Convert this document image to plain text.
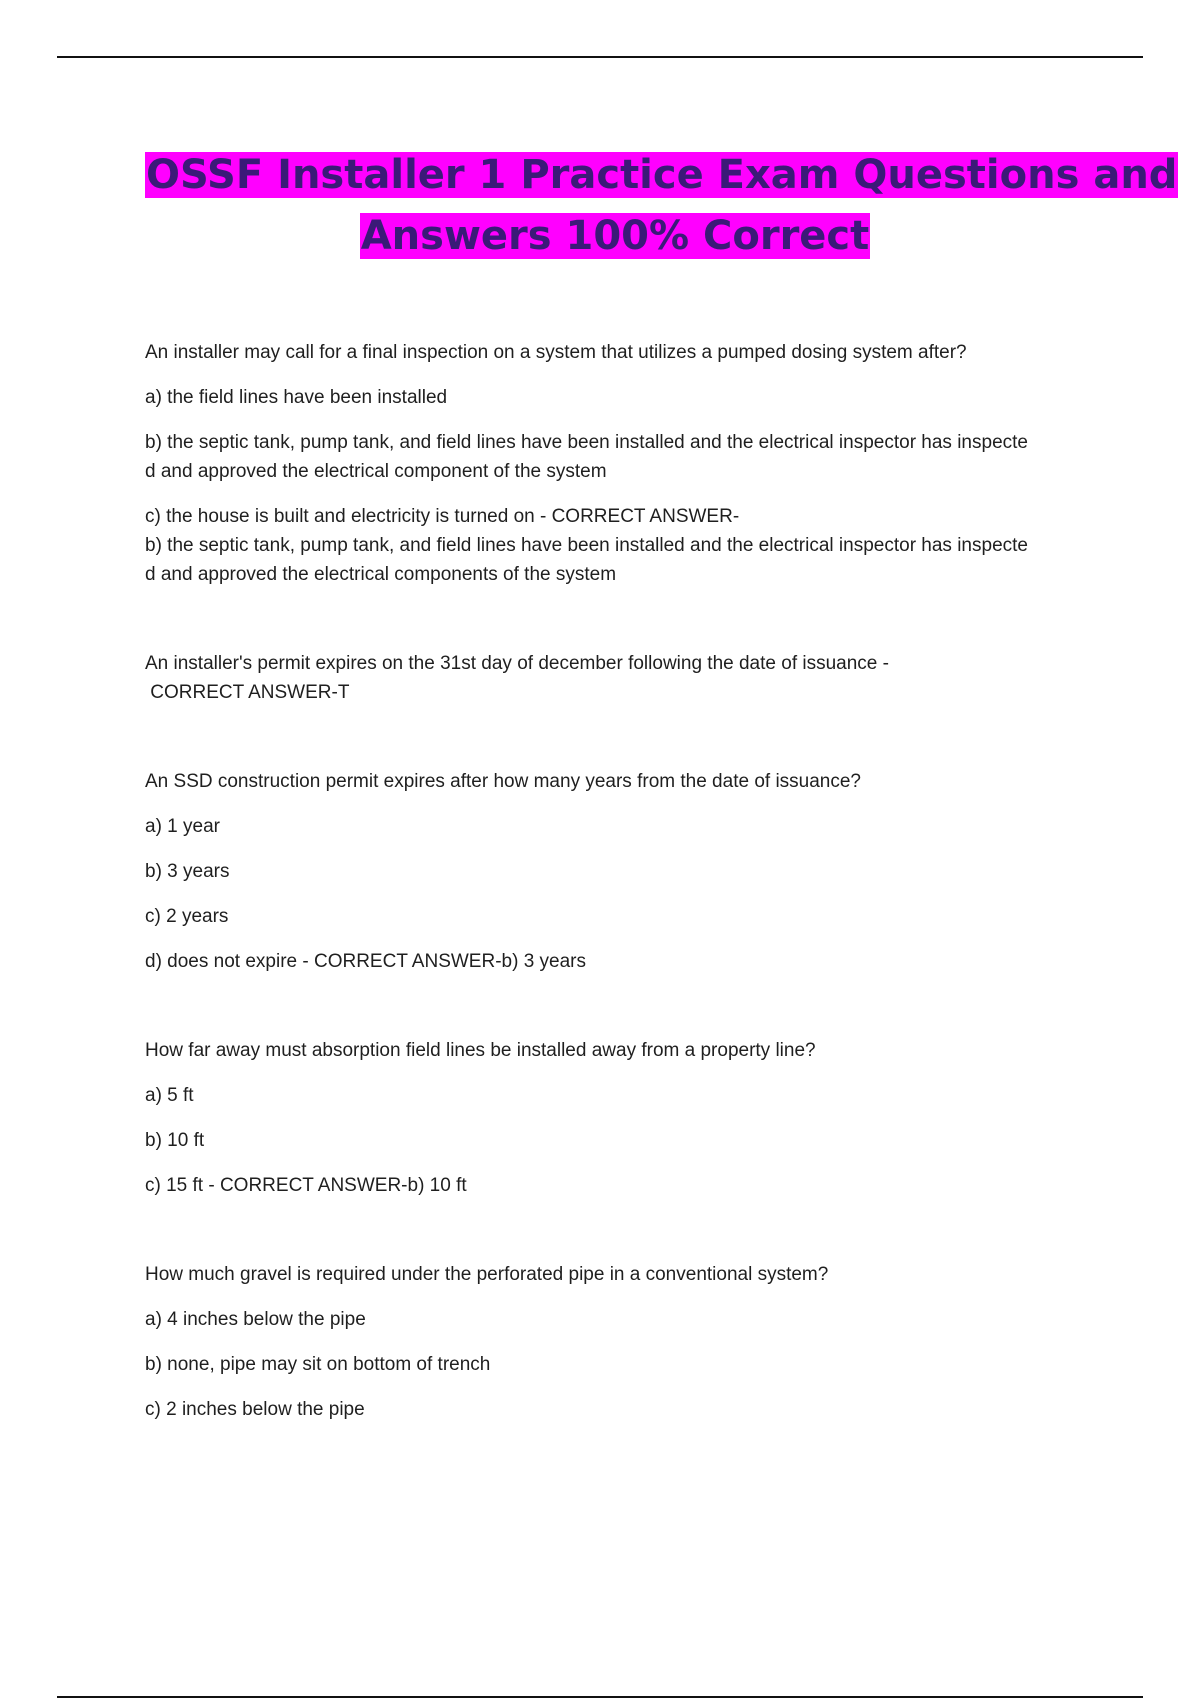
OSSF Installer 1 Practice Exam Questions and
Answers 100% Correct

An installer may call for a final inspection on a system that utilizes a pumped dosing system after?

a) the field lines have been installed

b) the septic tank, pump tank, and field lines have been installed and the electrical inspector has inspecte
d and approved the electrical component of the system

c) the house is built and electricity is turned on - CORRECT ANSWER-

b) the septic tank, pump tank, and field lines have been installed and the electrical inspector has inspecte
d and approved the electrical components of the system

An installer's permit expires on the 31st day of december following the date of issuance -

CORRECT ANSWER-T

An SSD construction permit expires after how many years from the date of issuance?

a) 1 year

b) 3 years

c) 2 years

d) does not expire - CORRECT ANSWER-b) 3 years

How far away must absorption field lines be installed away from a property line?

a) 5 ft

b) 10 ft

c) 15 ft - CORRECT ANSWER-b) 10 ft

How much gravel is required under the perforated pipe in a conventional system?

a) 4 inches below the pipe

b) none, pipe may sit on bottom of trench

c) 2 inches below the pipe
